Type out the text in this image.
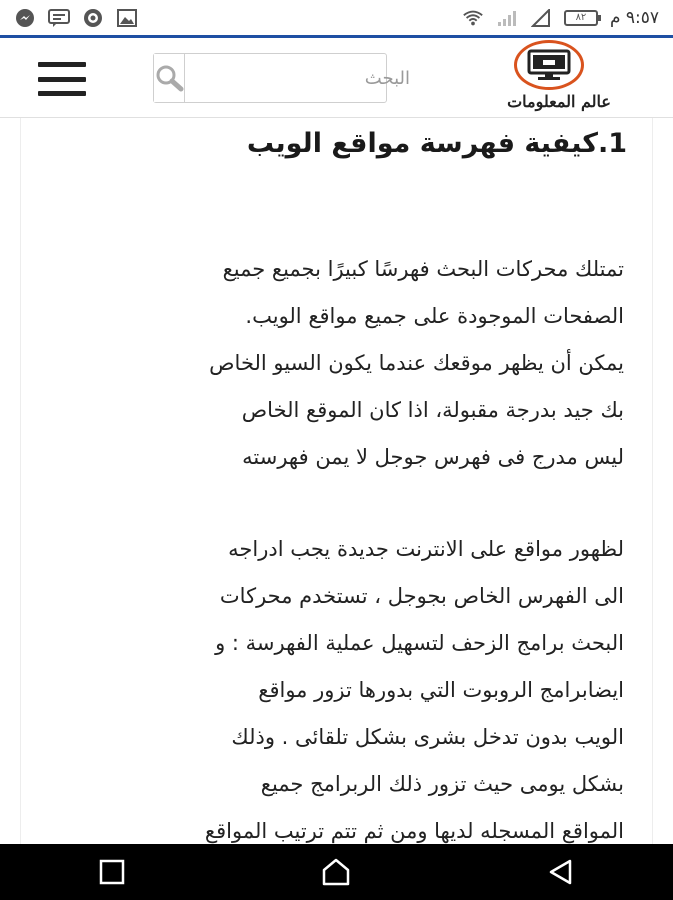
٨٢	٩:٥٧ م
البحث
عالم المعلومات
1.كيفية فهرسة مواقع الويب
تمتلك محركات البحث فهرسًا كبيرًا بجميع جميع
الصفحات الموجودة على جميع مواقع الويب.
يمكن أن يظهر موقعك عندما يكون السيو الخاص
بك جيد بدرجة مقبولة، اذا كان الموقع الخاص
ليس مدرج فى فهرس جوجل لا يمن فهرسته
لظهور مواقع على الانترنت جديدة يجب ادراجه
الى الفهرس الخاص بجوجل ، تستخدم محركات
البحث برامج الزحف لتسهيل عملية الفهرسة : و
ايضابرامج الروبوت التي بدورها تزور مواقع
الويب بدون تدخل بشرى بشكل تلقائى . وذلك
بشكل يومى حيث تزور ذلك الربرامج جميع
المواقع المسجله لديها ومن ثم تتم ترتيب المواقع
